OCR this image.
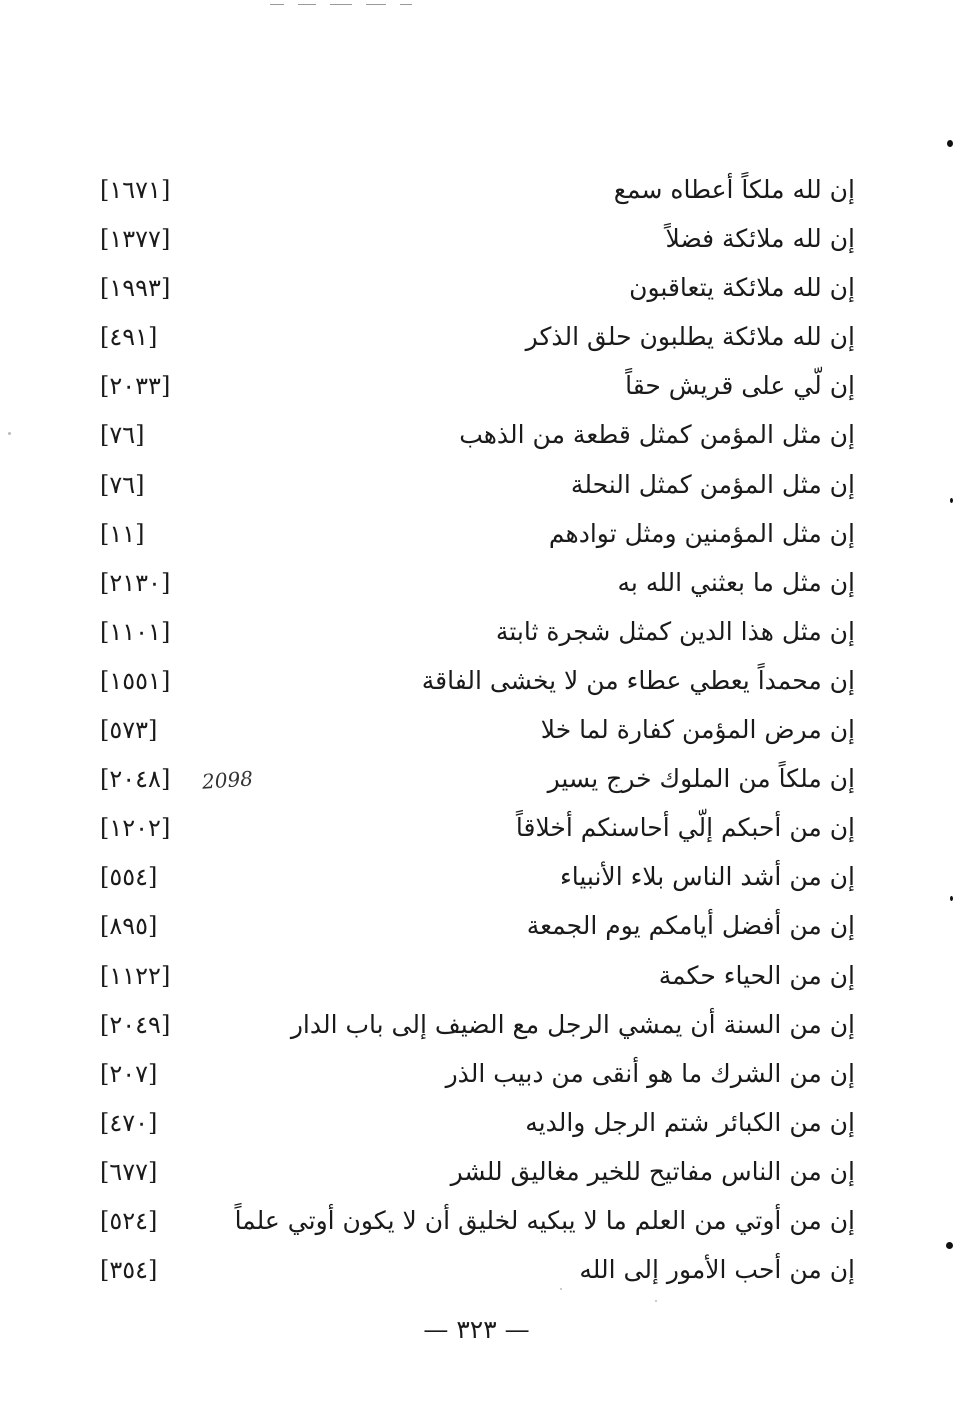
إن لله ملكاً أعطاه سمع
[١٦٧١]
إن لله ملائكة فضلاً
[١٣٧٧]
إن لله ملائكة يتعاقبون
[١٩٩٣]
إن لله ملائكة يطلبون حلق الذكر
[٤٩١]
إن لّي على قريش حقاً
[٢٠٣٣]
إن مثل المؤمن كمثل قطعة من الذهب
[٧٦]
إن مثل المؤمن كمثل النحلة
[٧٦]
إن مثل المؤمنين ومثل توادهم
[١١]
إن مثل ما بعثني الله به
[٢١٣٠]
إن مثل هذا الدين كمثل شجرة ثابتة
[١١٠١]
إن محمداً يعطي عطاء من لا يخشى الفاقة
[١٥٥١]
إن مرض المؤمن كفارة لما خلا
[٥٧٣]
إن ملكاً من الملوك خرج يسير
[٢٠٤٨] 2098
إن من أحبكم إلّي أحاسنكم أخلاقاً
[١٢٠٢]
إن من أشد الناس بلاء الأنبياء
[٥٥٤]
إن من أفضل أيامكم يوم الجمعة
[٨٩٥]
إن من الحياء حكمة
[١١٢٢]
إن من السنة أن يمشي الرجل مع الضيف إلى باب الدار
[٢٠٤٩]
إن من الشرك ما هو أنقى من دبيب الذر
[٢٠٧]
إن من الكبائر شتم الرجل والديه
[٤٧٠]
إن من الناس مفاتيح للخير مغاليق للشر
[٦٧٧]
إن من أوتي من العلم ما لا يبكيه لخليق أن لا يكون أوتي علماً
[٥٢٤]
إن من أحب الأمور إلى الله
[٣٥٤]
— ٣٢٣ —
